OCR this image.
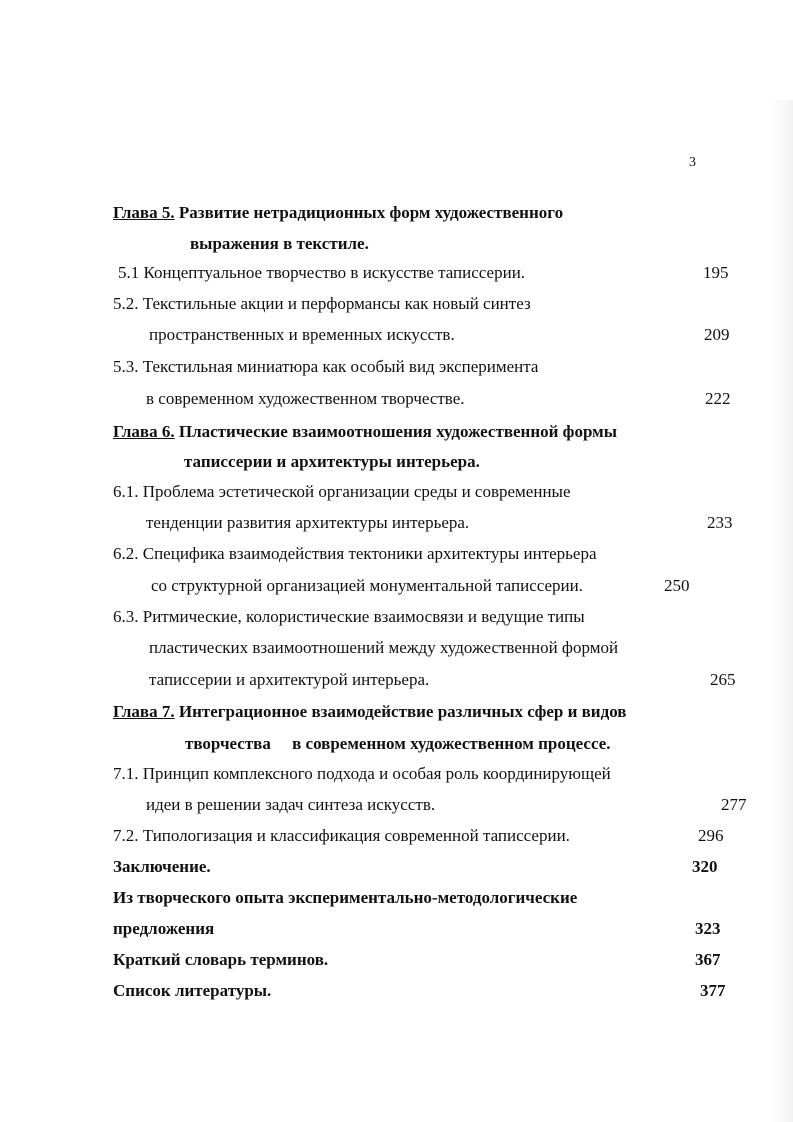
3
Глава 5. Развитие нетрадиционных форм художественного
выражения в текстиле.
5.1 Концептуальное творчество в искусстве таписсерии.	195
5.2. Текстильные акции и перформансы как новый синтез
пространственных и временных искусств.	209
5.3. Текстильная миниатюра как особый вид эксперимента
в современном художественном творчестве.	222
Глава 6. Пластические взаимоотношения художественной формы
таписсерии и архитектуры интерьера.
6.1. Проблема эстетической организации среды и современные
тенденции развития архитектуры интерьера.	233
6.2. Специфика взаимодействия тектоники архитектуры интерьера
со структурной организацией монументальной таписсерии.	250
6.3. Ритмические, колористические взаимосвязи и ведущие типы
пластических взаимоотношений между художественной формой
таписсерии и архитектурой интерьера.	265
Глава 7. Интеграционное взаимодействие различных сфер и видов
творчества     в современном художественном процессе.
7.1. Принцип комплексного подхода и особая роль координирующей
идеи в решении задач синтеза искусств.	277
7.2. Типологизация и классификация современной таписсерии.	296
Заключение.	320
Из творческого опыта экспериментально-методологические
предложения	323
Краткий словарь терминов.	367
Список литературы.	377
